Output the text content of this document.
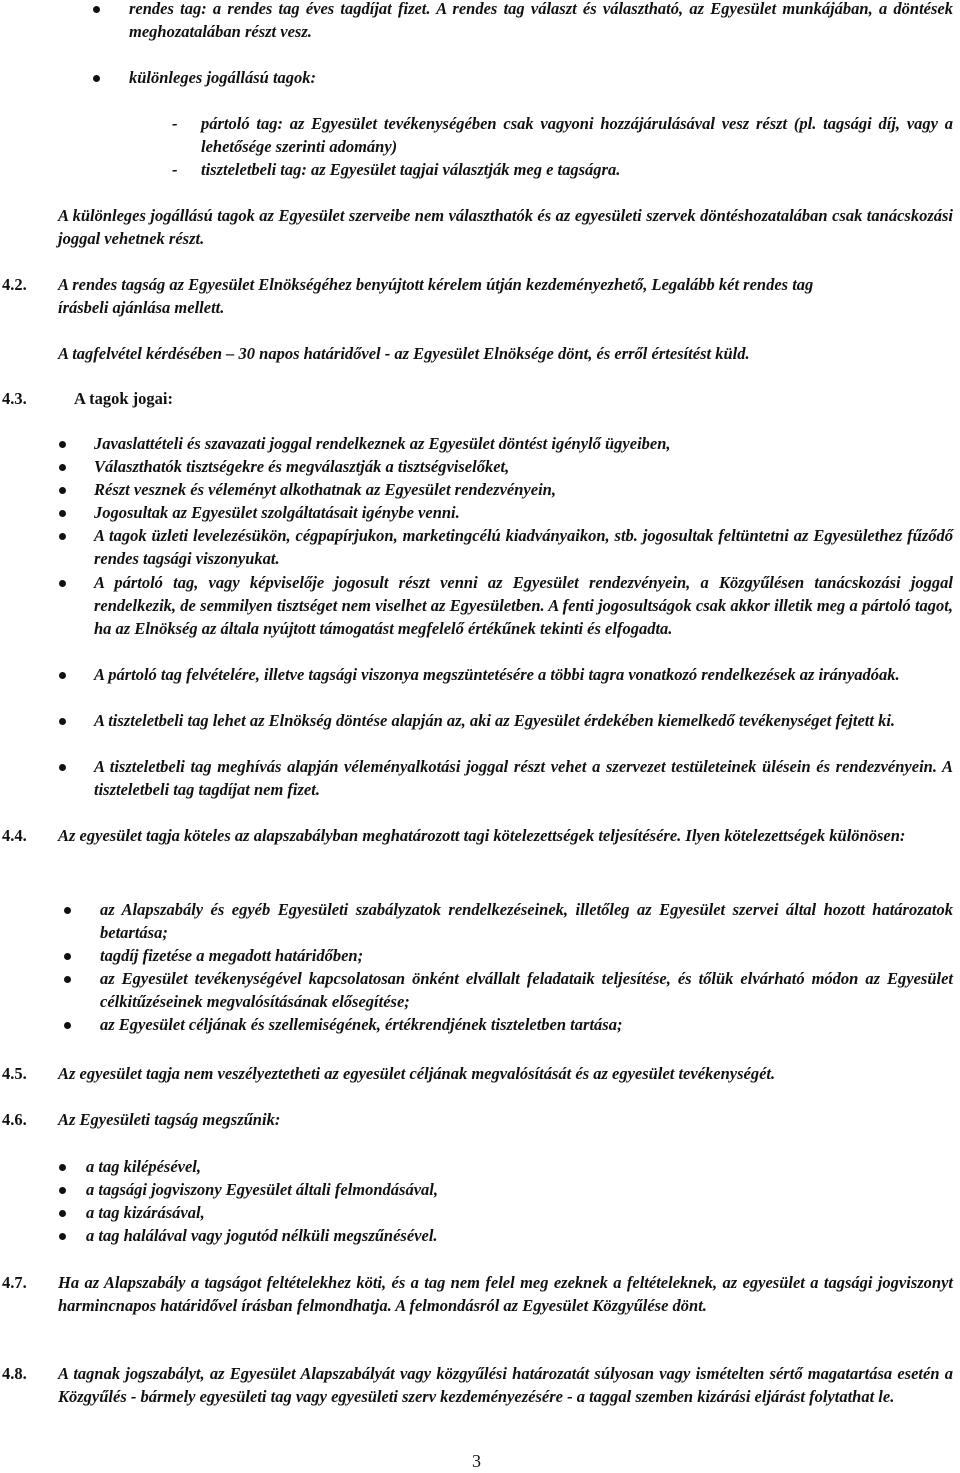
rendes tag: a rendes tag éves tagdíjat fizet. A rendes tag választ és választható, az Egyesület munkájában, a döntések meghozatalában részt vesz.

különleges jogállású tagok:

- pártoló tag: az Egyesület tevékenységében csak vagyoni hozzájárulásával vesz részt (pl. tagsági díj, vagy a lehetősége szerinti adomány)

- tiszteletbeli tag: az Egyesület tagjai választják meg e tagságra.

A különleges jogállású tagok az Egyesület szerveibe nem választhatók és az egyesületi szervek döntéshozatalában csak tanácskozási joggal vehetnek részt.

4.2. A rendes tagság az Egyesület Elnökségéhez benyújtott kérelem útján kezdeményezhető, Legalább két rendes tag írásbeli ajánlása mellett.

A tagfelvétel kérdésében – 30 napos határidővel - az Egyesület Elnöksége dönt, és erről értesítést küld.

4.3.	A tagok jogai:

Javaslattételi és szavazati joggal rendelkeznek az Egyesület döntést igénylő ügyeiben,

Választhatók tisztségekre és megválasztják a tisztségviselőket,

Részt vesznek és véleményt alkothatnak az Egyesület rendezvényein,

Jogosultak az Egyesület szolgáltatásait igénybe venni.

A tagok üzleti levelezésükön, cégpapírjukon, marketingcélú kiadványaikon, stb. jogosultak feltüntetni az Egyesülethez fűződő rendes tagsági viszonyukat.

A pártoló tag, vagy képviselője jogosult részt venni az Egyesület rendezvényein, a Közgyűlésen tanácskozási joggal rendelkezik, de semmilyen tisztséget nem viselhet az Egyesületben. A fenti jogosultságok csak akkor illetik meg a pártoló tagot, ha az Elnökség az általa nyújtott támogatást megfelelő értékűnek tekinti és elfogadta.

A pártoló tag felvételére, illetve tagsági viszonya megszüntetésére a többi tagra vonatkozó rendelkezések az irányadóak.

A tiszteletbeli tag lehet az Elnökség döntése alapján az, aki az Egyesület érdekében kiemelkedő tevékenységet fejtett ki.

A tiszteletbeli tag meghívás alapján véleményalkotási joggal részt vehet a szervezet testületeinek ülésein és rendezvényein. A tiszteletbeli tag tagdíjat nem fizet.

4.4. Az egyesület tagja köteles az alapszabályban meghatározott tagi kötelezettségek teljesítésére. Ilyen kötelezettségek különösen:

az Alapszabály és egyéb Egyesületi szabályzatok rendelkezéseinek, illetőleg az Egyesület szervei által hozott határozatok betartása;

tagdíj fizetése a megadott határidőben;

az Egyesület tevékenységével kapcsolatosan önként elvállalt feladataik teljesítése, és tőlük elvárható módon az Egyesület célkitűzéseinek megvalósításának elősegítése;

az Egyesület céljának és szellemiségének, értékrendjének tiszteletben tartása;

4.5. Az egyesület tagja nem veszélyeztetheti az egyesület céljának megvalósítását és az egyesület tevékenységét.

4.6. Az Egyesületi tagság megszűnik:

a tag kilépésével,

a tagsági jogviszony Egyesület általi felmondásával,

a tag kizárásával,

a tag halálával vagy jogutód nélküli megszűnésével.

4.7. Ha az Alapszabály a tagságot feltételekhez köti, és a tag nem felel meg ezeknek a feltételeknek, az egyesület a tagsági jogviszonyt harmincnapos határidővel írásban felmondhatja. A felmondásról az Egyesület Közgyűlése dönt.

4.8. A tagnak jogszabályt, az Egyesület Alapszabályát vagy közgyűlési határozatát súlyosan vagy ismételten sértő magatartása esetén a Közgyűlés - bármely egyesületi tag vagy egyesületi szerv kezdeményezésére - a taggal szemben kizárási eljárást folytathat le.

3
